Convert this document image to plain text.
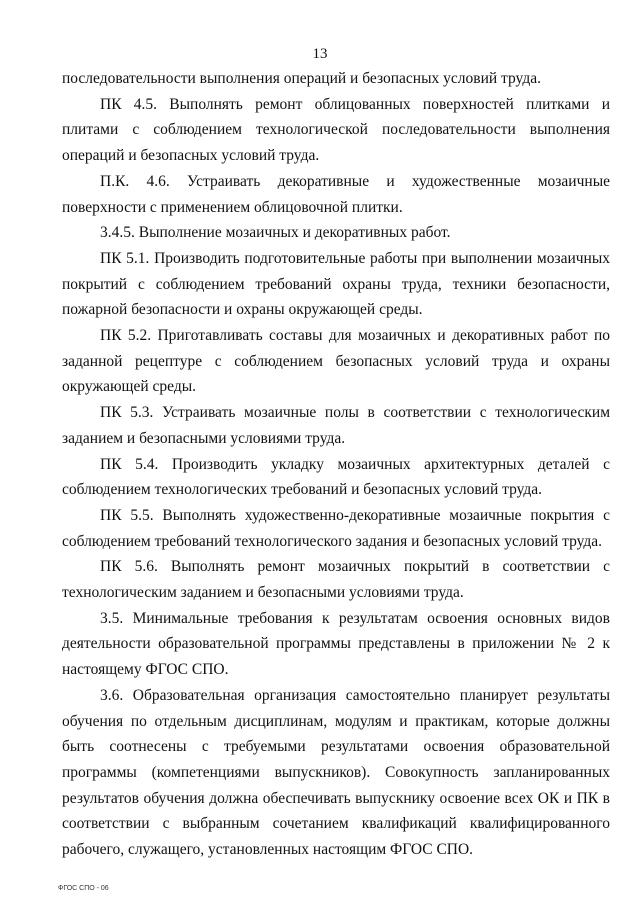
13

последовательности выполнения операций и безопасных условий труда.

ПК 4.5. Выполнять ремонт облицованных поверхностей плитками и плитами с соблюдением технологической последовательности выполнения операций и безопасных условий труда.

П.К. 4.6. Устраивать декоративные и художественные мозаичные поверхности с применением облицовочной плитки.

3.4.5. Выполнение мозаичных и декоративных работ.

ПК 5.1. Производить подготовительные работы при выполнении мозаичных покрытий с соблюдением требований охраны труда, техники безопасности, пожарной безопасности и охраны окружающей среды.

ПК 5.2. Приготавливать составы для мозаичных и декоративных работ по заданной рецептуре с соблюдением безопасных условий труда и охраны окружающей среды.

ПК 5.3. Устраивать мозаичные полы в соответствии с технологическим заданием и безопасными условиями труда.

ПК 5.4. Производить укладку мозаичных архитектурных деталей с соблюдением технологических требований и безопасных условий труда.

ПК 5.5. Выполнять художественно-декоративные мозаичные покрытия с соблюдением требований технологического задания и безопасных условий труда.

ПК 5.6. Выполнять ремонт мозаичных покрытий в соответствии с технологическим заданием и безопасными условиями труда.

3.5. Минимальные требования к результатам освоения основных видов деятельности образовательной программы представлены в приложении № 2 к настоящему ФГОС СПО.

3.6. Образовательная организация самостоятельно планирует результаты обучения по отдельным дисциплинам, модулям и практикам, которые должны быть соотнесены с требуемыми результатами освоения образовательной программы (компетенциями выпускников). Совокупность запланированных результатов обучения должна обеспечивать выпускнику освоение всех ОК и ПК в соответствии с выбранным сочетанием квалификаций квалифицированного рабочего, служащего, установленных настоящим ФГОС СПО.

ФГОС СПО - 06
